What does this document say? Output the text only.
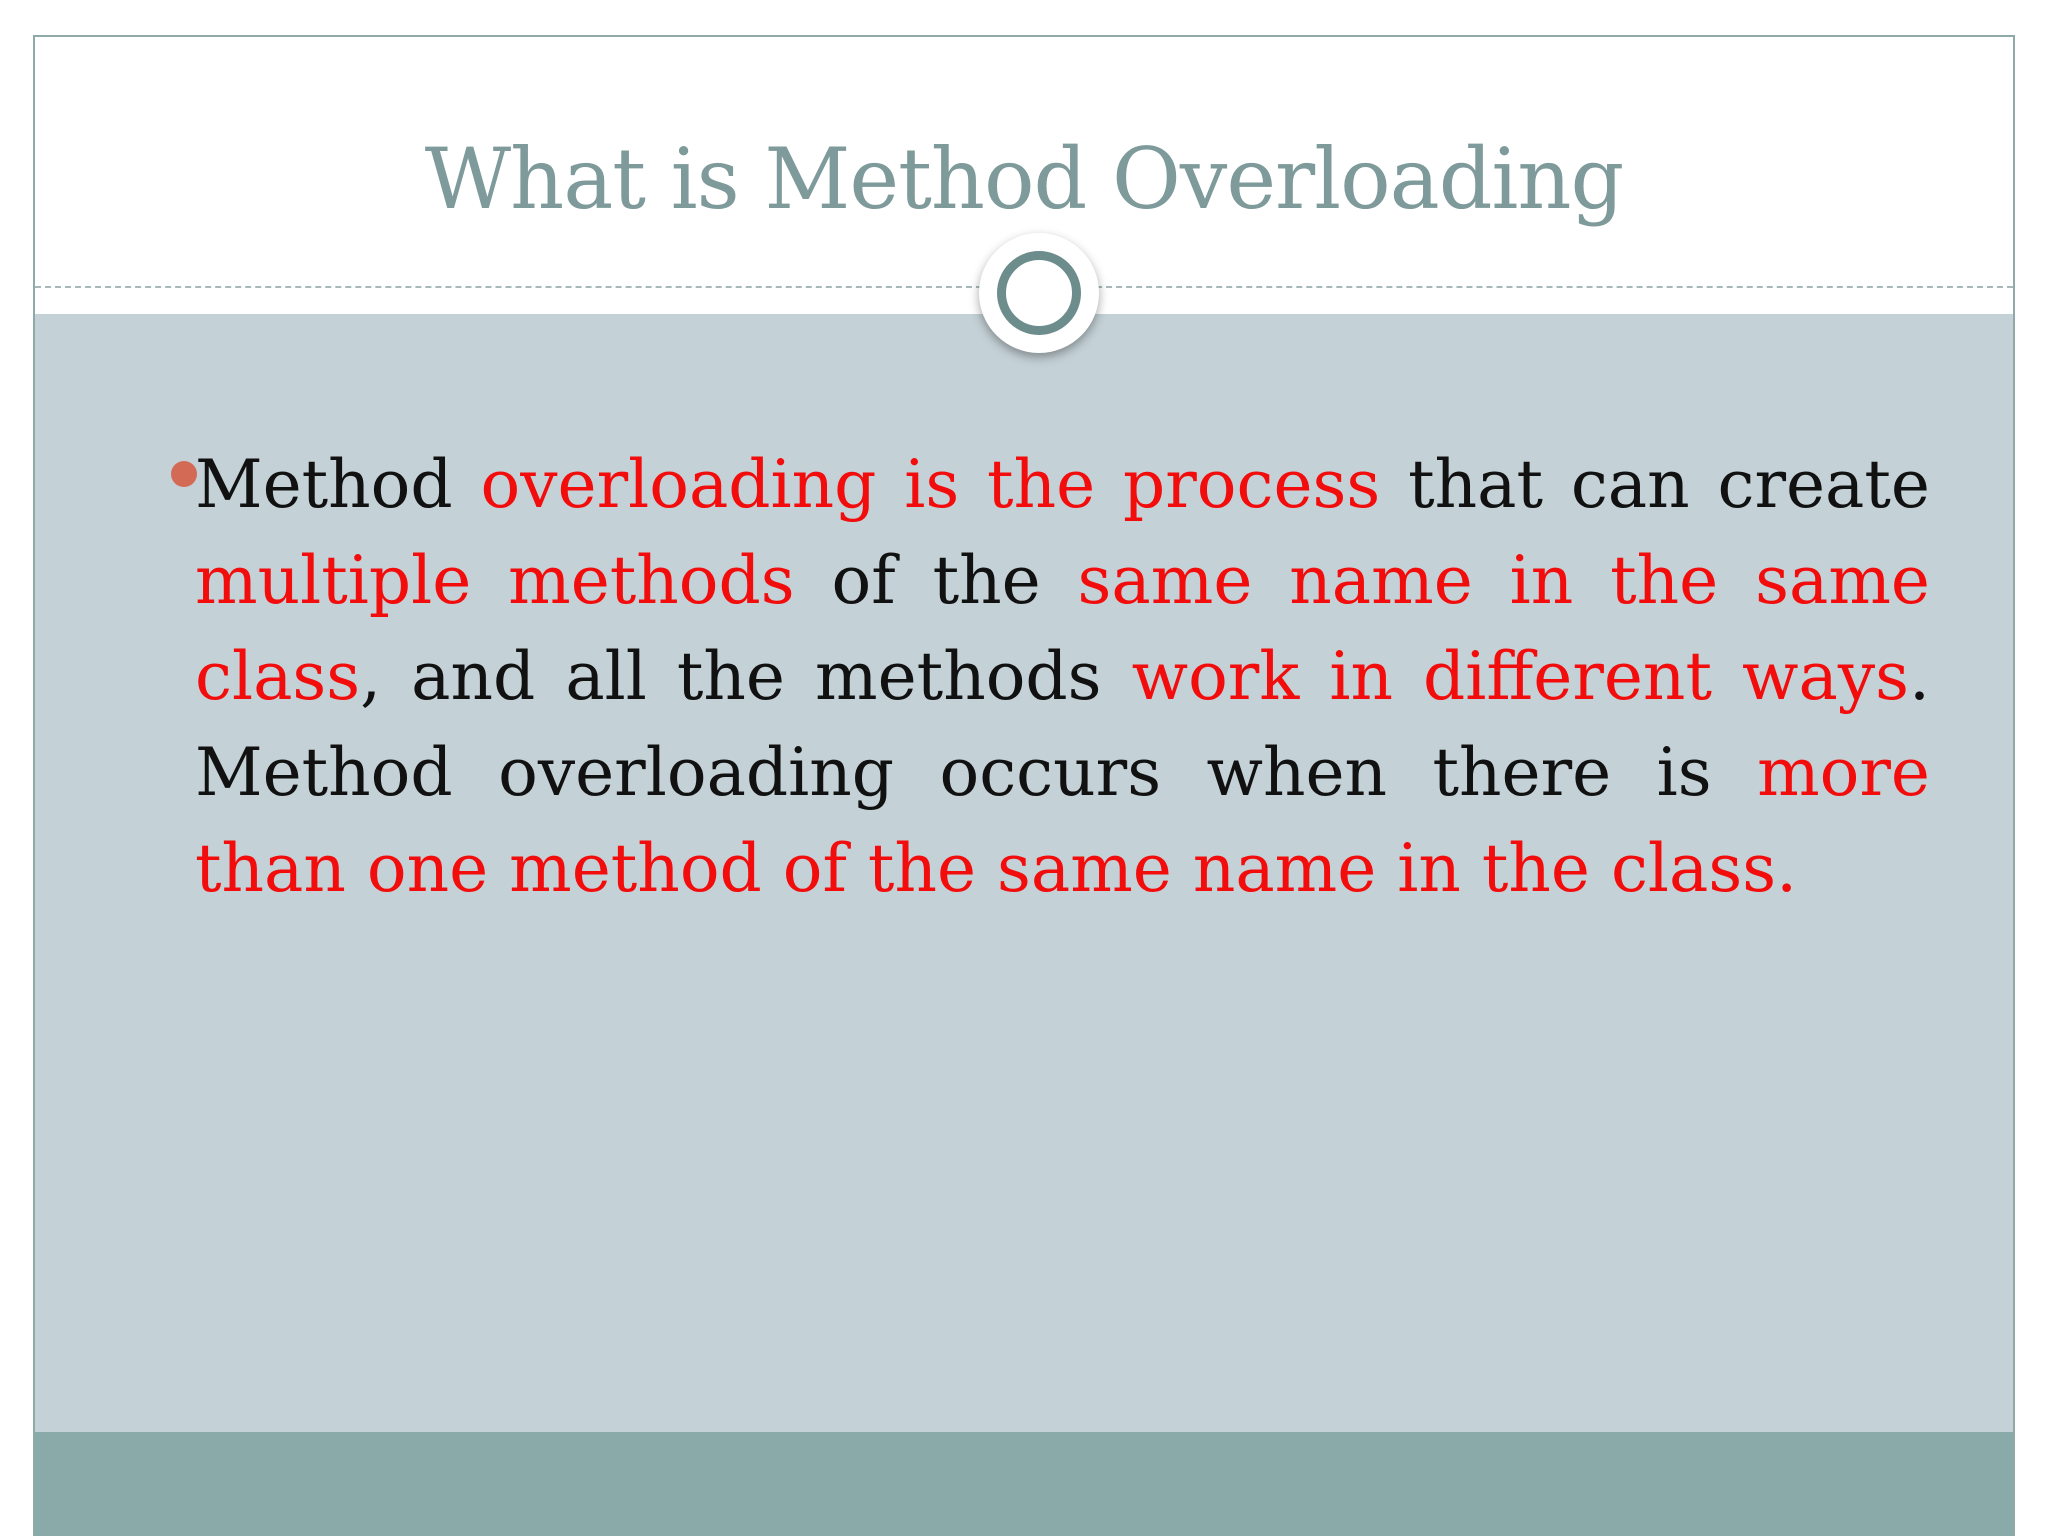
What is Method Overloading

Method overloading is the process that can create multiple methods of the same name in the same class, and all the methods work in different ways. Method overloading occurs when there is more than one method of the same name in the class.
